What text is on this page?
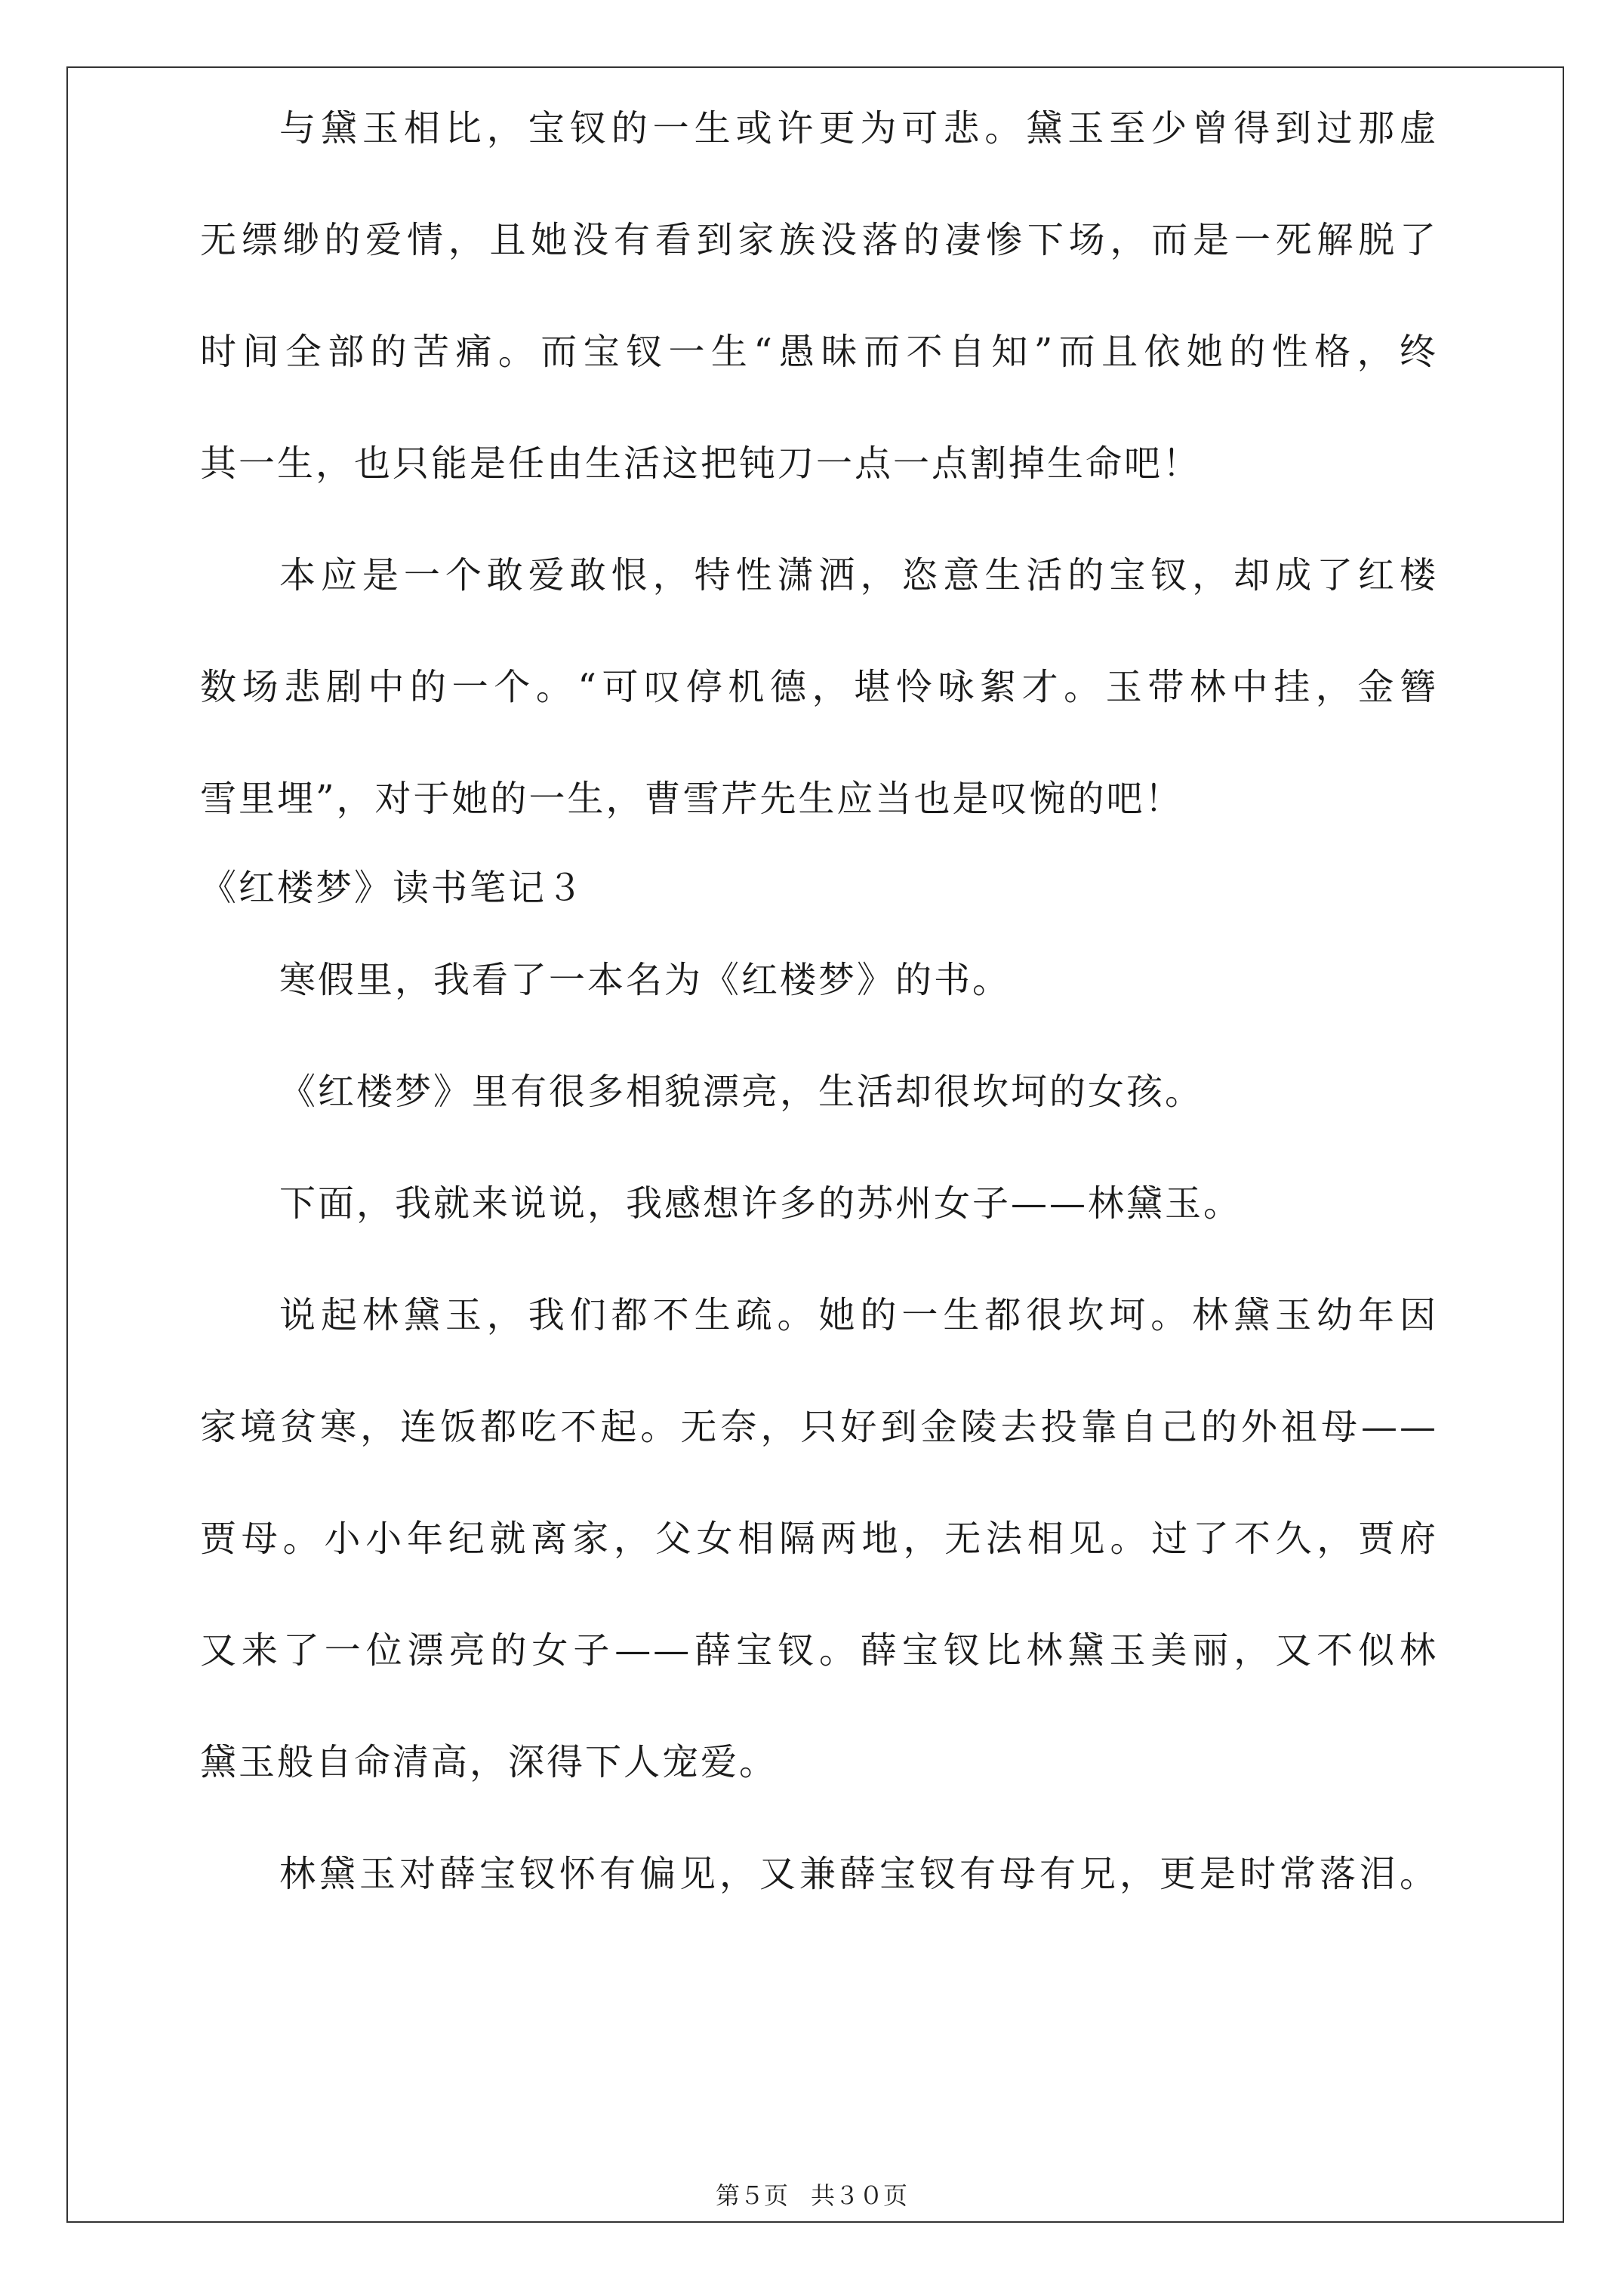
与黛玉相比，宝钗的一生或许更为可悲。黛玉至少曾得到过那虚
无缥缈的爱情，且她没有看到家族没落的凄惨下场，而是一死解脱了
时间全部的苦痛。而宝钗一生“愚昧而不自知”而且依她的性格，终
其一生，也只能是任由生活这把钝刀一点一点割掉生命吧！
本应是一个敢爱敢恨，特性潇洒，恣意生活的宝钗，却成了红楼
数场悲剧中的一个。“可叹停机德，堪怜咏絮才。玉带林中挂，金簪
雪里埋”，对于她的一生，曹雪芹先生应当也是叹惋的吧！
《红楼梦》读书笔记３
寒假里，我看了一本名为《红楼梦》的书。
《红楼梦》里有很多相貌漂亮，生活却很坎坷的女孩。
下面，我就来说说，我感想许多的苏州女子——林黛玉。
说起林黛玉，我们都不生疏。她的一生都很坎坷。林黛玉幼年因
家境贫寒，连饭都吃不起。无奈，只好到金陵去投靠自己的外祖母——
贾母。小小年纪就离家，父女相隔两地，无法相见。过了不久，贾府
又来了一位漂亮的女子——薛宝钗。薛宝钗比林黛玉美丽，又不似林
黛玉般自命清高，深得下人宠爱。
林黛玉对薛宝钗怀有偏见，又兼薛宝钗有母有兄，更是时常落泪。
第５页 共３０页
